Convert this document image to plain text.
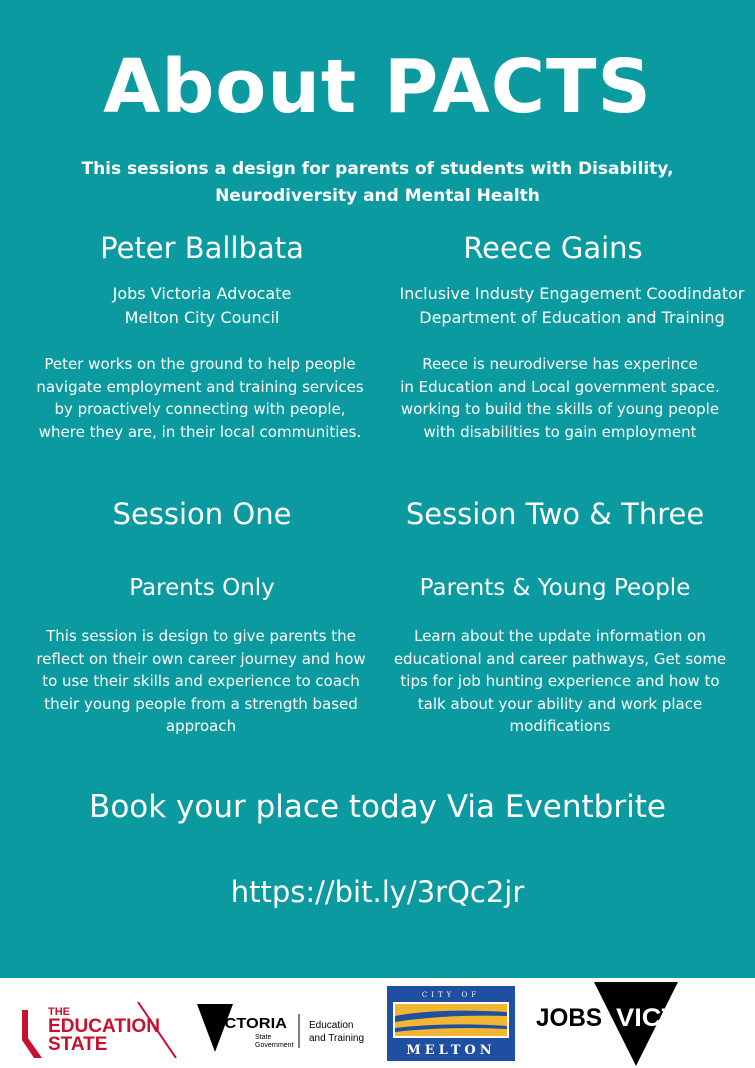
About PACTS
This sessions a design for parents of students with Disability, Neurodiversity and Mental Health
Peter Ballbata
Jobs Victoria Advocate
Melton City Council
Peter works on the ground to help people
navigate employment and training services
by proactively connecting with people,
where they are, in their local communities.
Reece Gains
Inclusive Industy Engagement Coodindator
Department of Education and Training
Reece is neurodiverse has experince
in Education and Local government space.
working to build the skills of young people
with disabilities to gain employment
Session One
Parents Only
This session is design to give parents the
reflect on their own career journey and how
to use their skills and experience to coach
their young people from a strength based
approach
Session Two & Three
Parents & Young People
Learn about the update information on
educational and career pathways, Get some
tips for job hunting experience and how to
talk about your ability and work place
modifications
Book your place today Via Eventbrite
https://bit.ly/3rQc2jr
THE
EDUCATION
STATE
VICTORIA
State
Government
Education
and Training
CITY OF
MELTON
JOBS VICTORIA
